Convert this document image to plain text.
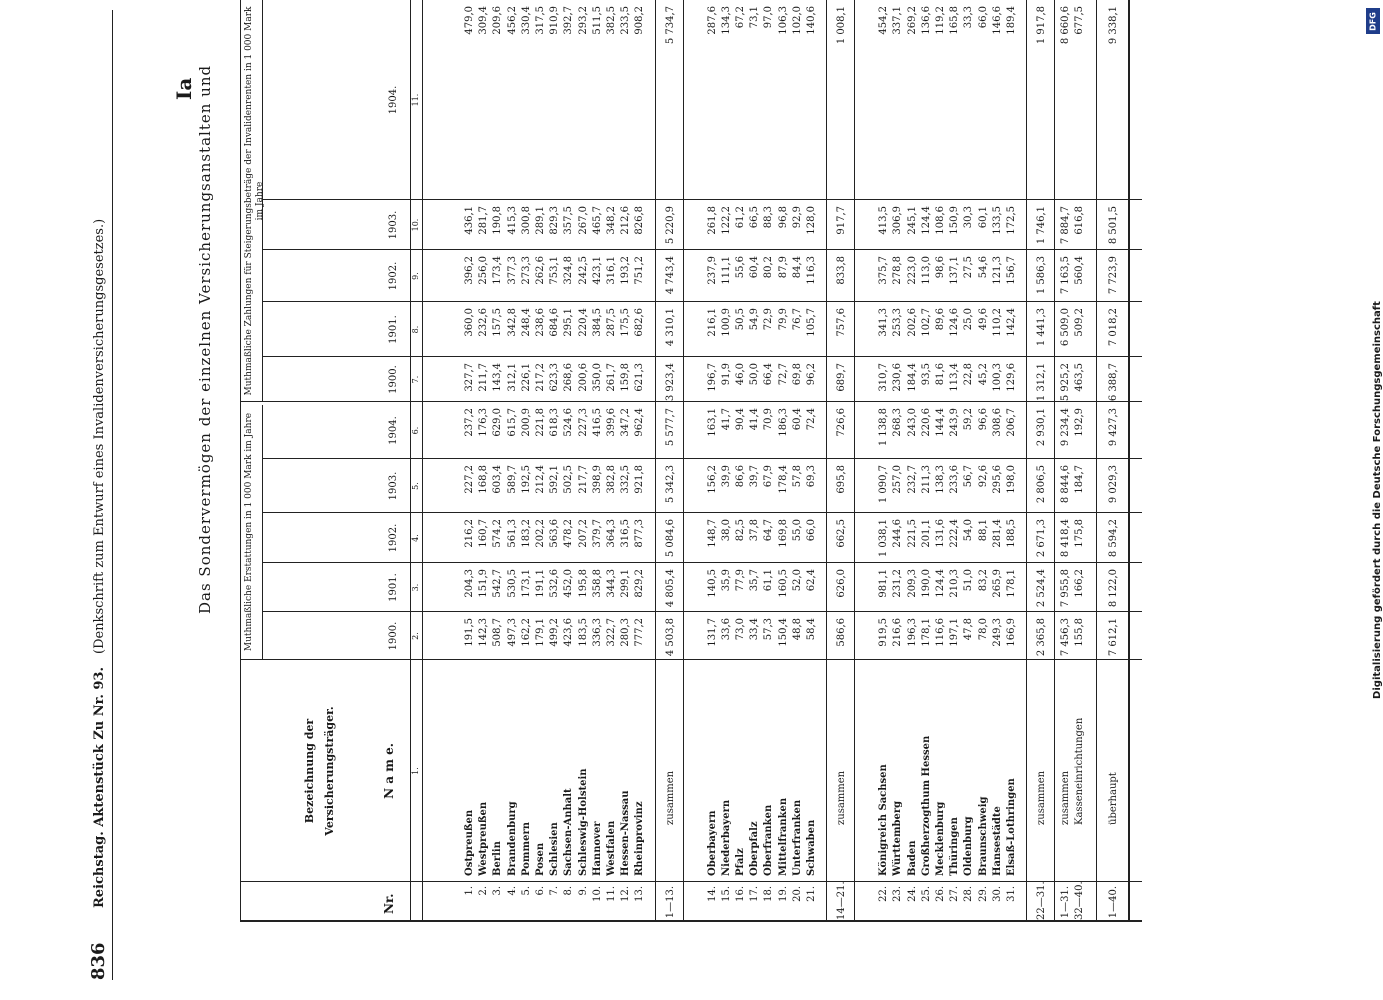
836
Reichstag. Aktenstück Zu Nr. 93.
(Denkschrift zum Entwurf eines Invalidenversicherungsgesetzes.)
Ia Das Sondervermögen der einzelnen Versicherungsanstalten und
Nr.
Bezeichnung der Versicherungsträger.	N a m e.
Muthmaßliche Erstattungen in 1 000 Mark im Jahre
Muthmaßliche Zahlungen für Steigerungsbeträge der Invalidenrenten in 1 000 Mark im Jahre
1900.
1901.
1902.
1903.
1904.
1900.
1901.
1902.
1903.
1904.
1.
2.
3.
4.
5.
6.
7.
8.
9.
10.
11.
1.
Ostpreußen
191,5
204,3
216,2
227,2
237,2
327,7
360,0
396,2
436,1
479,0
2.
Westpreußen
142,3
151,9
160,7
168,8
176,3
211,7
232,6
256,0
281,7
309,4
3.
Berlin
508,7
542,7
574,2
603,4
629,0
143,4
157,5
173,4
190,8
209,6
4.
Brandenburg
497,3
530,5
561,3
589,7
615,7
312,1
342,8
377,3
415,3
456,2
5.
Pommern
162,2
173,1
183,2
192,5
200,9
226,1
248,4
273,3
300,8
330,4
6.
Posen
179,1
191,1
202,2
212,4
221,8
217,2
238,6
262,6
289,1
317,5
7.
Schlesien
499,2
532,6
563,6
592,1
618,3
623,3
684,6
753,1
829,3
910,9
8.
Sachsen-Anhalt
423,6
452,0
478,2
502,5
524,6
268,6
295,1
324,8
357,5
392,7
9.
Schleswig-Holstein
183,5
195,8
207,2
217,7
227,3
200,6
220,4
242,5
267,0
293,2
10.
Hannover
336,3
358,8
379,7
398,9
416,5
350,0
384,5
423,1
465,7
511,5
11.
Westfalen
322,7
344,3
364,3
382,8
399,6
261,7
287,5
316,1
348,2
382,5
12.
Hessen-Nassau
280,3
299,1
316,5
332,5
347,2
159,8
175,5
193,2
212,6
233,5
13.
Rheinprovinz
777,2
829,2
877,3
921,8
962,4
621,3
682,6
751,2
826,8
908,2
1—13.
zusammen
4 503,8
4 805,4
5 084,6
5 342,3
5 577,7
3 923,4
4 310,1
4 743,4
5 220,9
5 734,7
14.
Oberbayern
131,7
140,5
148,7
156,2
163,1
196,7
216,1
237,9
261,8
287,6
15.
Niederbayern
33,6
35,9
38,0
39,9
41,7
91,9
100,9
111,1
122,2
134,3
16.
Pfalz
73,0
77,9
82,5
86,6
90,4
46,0
50,5
55,6
61,2
67,2
17.
Oberpfalz
33,4
35,7
37,8
39,7
41,4
50,0
54,9
60,4
66,5
73,1
18.
Oberfranken
57,3
61,1
64,7
67,9
70,9
66,4
72,9
80,2
88,3
97,0
19.
Mittelfranken
150,4
160,5
169,8
178,4
186,3
72,7
79,9
87,9
96,8
106,3
20.
Unterfranken
48,8
52,0
55,0
57,8
60,4
69,8
76,7
84,4
92,9
102,0
21.
Schwaben
58,4
62,4
66,0
69,3
72,4
96,2
105,7
116,3
128,0
140,6
14—21.
zusammen
586,6
626,0
662,5
695,8
726,6
689,7
757,6
833,8
917,7
1 008,1
22.
Königreich Sachsen
919,5
981,1
1 038,1
1 090,7
1 138,8
310,7
341,3
375,7
413,5
454,2
23.
Württemberg
216,6
231,2
244,6
257,0
268,3
230,6
253,3
278,8
306,9
337,1
24.
Baden
196,3
209,3
221,5
232,7
243,0
184,4
202,6
223,0
245,1
269,2
25.
Großherzogthum Hessen
178,1
190,0
201,1
211,3
220,6
93,5
102,7
113,0
124,4
136,6
26.
Mecklenburg
116,6
124,4
131,6
138,3
144,4
81,6
89,6
98,6
108,6
119,2
27.
Thüringen
197,1
210,3
222,4
233,6
243,9
113,4
124,6
137,1
150,9
165,8
28.
Oldenburg
47,8
51,0
54,0
56,7
59,2
22,8
25,0
27,5
30,3
33,3
29.
Braunschweig
78,0
83,2
88,1
92,6
96,6
45,2
49,6
54,6
60,1
66,0
30.
Hansestädte
249,3
265,9
281,4
295,6
308,6
100,3
110,2
121,3
133,5
146,6
31.
Elsaß-Lothringen
166,9
178,1
188,5
198,0
206,7
129,6
142,4
156,7
172,5
189,4
22—31.
zusammen
2 365,8
2 524,4
2 671,3
2 806,5
2 930,1
1 312,1
1 441,3
1 586,3
1 746,1
1 917,8
1—31.
zusammen
7 456,3
7 955,8
8 418,4
8 844,6
9 234,4
5 925,2
6 509,0
7 163,5
7 884,7
8 660,6
32—40.
Kasseneinrichtungen
155,8
166,2
175,8
184,7
192,9
463,5
509,2
560,4
616,8
677,5
1—40.
überhaupt
7 612,1
8 122,0
8 594,2
9 029,3
9 427,3
6 388,7
7 018,2
7 723,9
8 501,5
9 338,1
Digitalisierung gefördert durch die Deutsche Forschungsgemeinschaft
DFG
